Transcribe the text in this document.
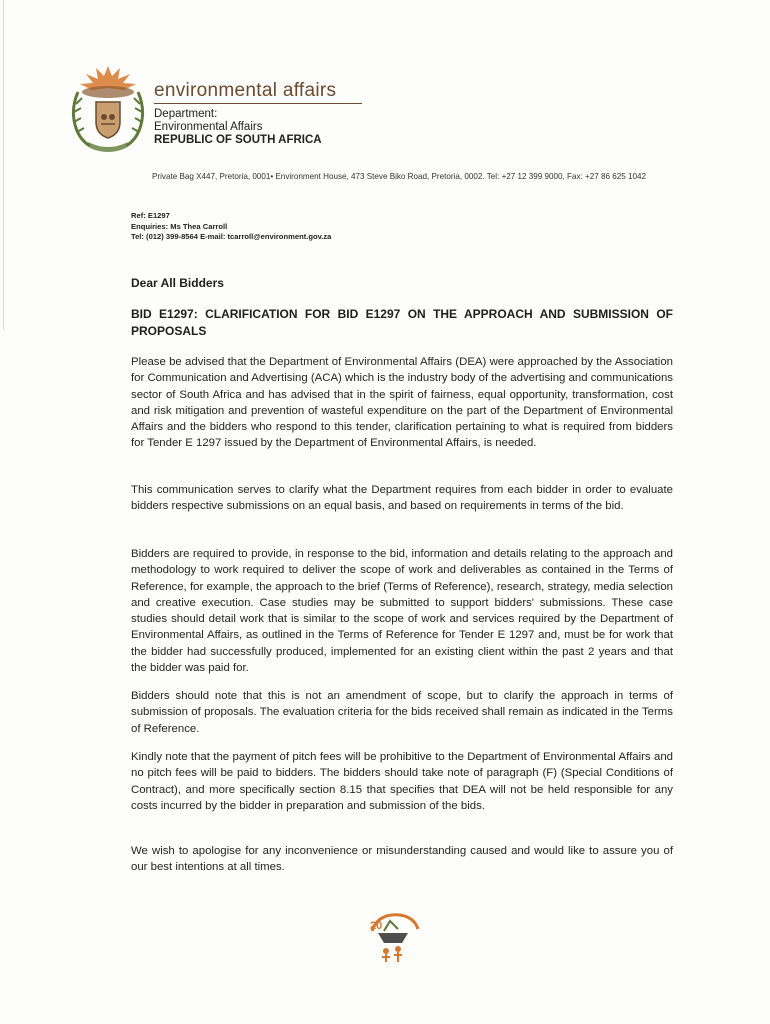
environmental affairs
Department:
Environmental Affairs
REPUBLIC OF SOUTH AFRICA
Private Bag X447, Pretoria, 0001• Environment House, 473 Steve Biko Road, Pretoria, 0002. Tel: +27 12 399 9000, Fax: +27 86 625 1042
Ref: E1297
Enquiries: Ms Thea Carroll
Tel: (012) 399-8564 E-mail: tcarroll@environment.gov.za
Dear All Bidders
BID E1297: CLARIFICATION FOR BID E1297 ON THE APPROACH AND SUBMISSION OF PROPOSALS
Please be advised that the Department of Environmental Affairs (DEA) were approached by the Association for Communication and Advertising (ACA) which is the industry body of the advertising and communications sector of South Africa and has advised that in the spirit of fairness, equal opportunity, transformation, cost and risk mitigation and prevention of wasteful expenditure on the part of the Department of Environmental Affairs and the bidders who respond to this tender, clarification pertaining to what is required from bidders for Tender E 1297 issued by the Department of Environmental Affairs, is needed.
This communication serves to clarify what the Department requires from each bidder in order to evaluate bidders respective submissions on an equal basis, and based on requirements in terms of the bid.
Bidders are required to provide, in response to the bid, information and details relating to the approach and methodology to work required to deliver the scope of work and deliverables as contained in the Terms of Reference, for example, the approach to the brief (Terms of Reference), research, strategy, media selection and creative execution. Case studies may be submitted to support bidders' submissions. These case studies should detail work that is similar to the scope of work and services required by the Department of Environmental Affairs, as outlined in the Terms of Reference for Tender E 1297 and, must be for work that the bidder had successfully produced, implemented for an existing client within the past 2 years and that the bidder was paid for.
Bidders should note that this is not an amendment of scope, but to clarify the approach in terms of submission of proposals. The evaluation criteria for the bids received shall remain as indicated in the Terms of Reference.
Kindly note that the payment of pitch fees will be prohibitive to the Department of Environmental Affairs and no pitch fees will be paid to bidders. The bidders should take note of paragraph (F) (Special Conditions of Contract), and more specifically section 8.15 that specifies that DEA will not be held responsible for any costs incurred by the bidder in preparation and submission of the bids.
We wish to apologise for any inconvenience or misunderstanding caused and would like to assure you of our best intentions at all times.
20
